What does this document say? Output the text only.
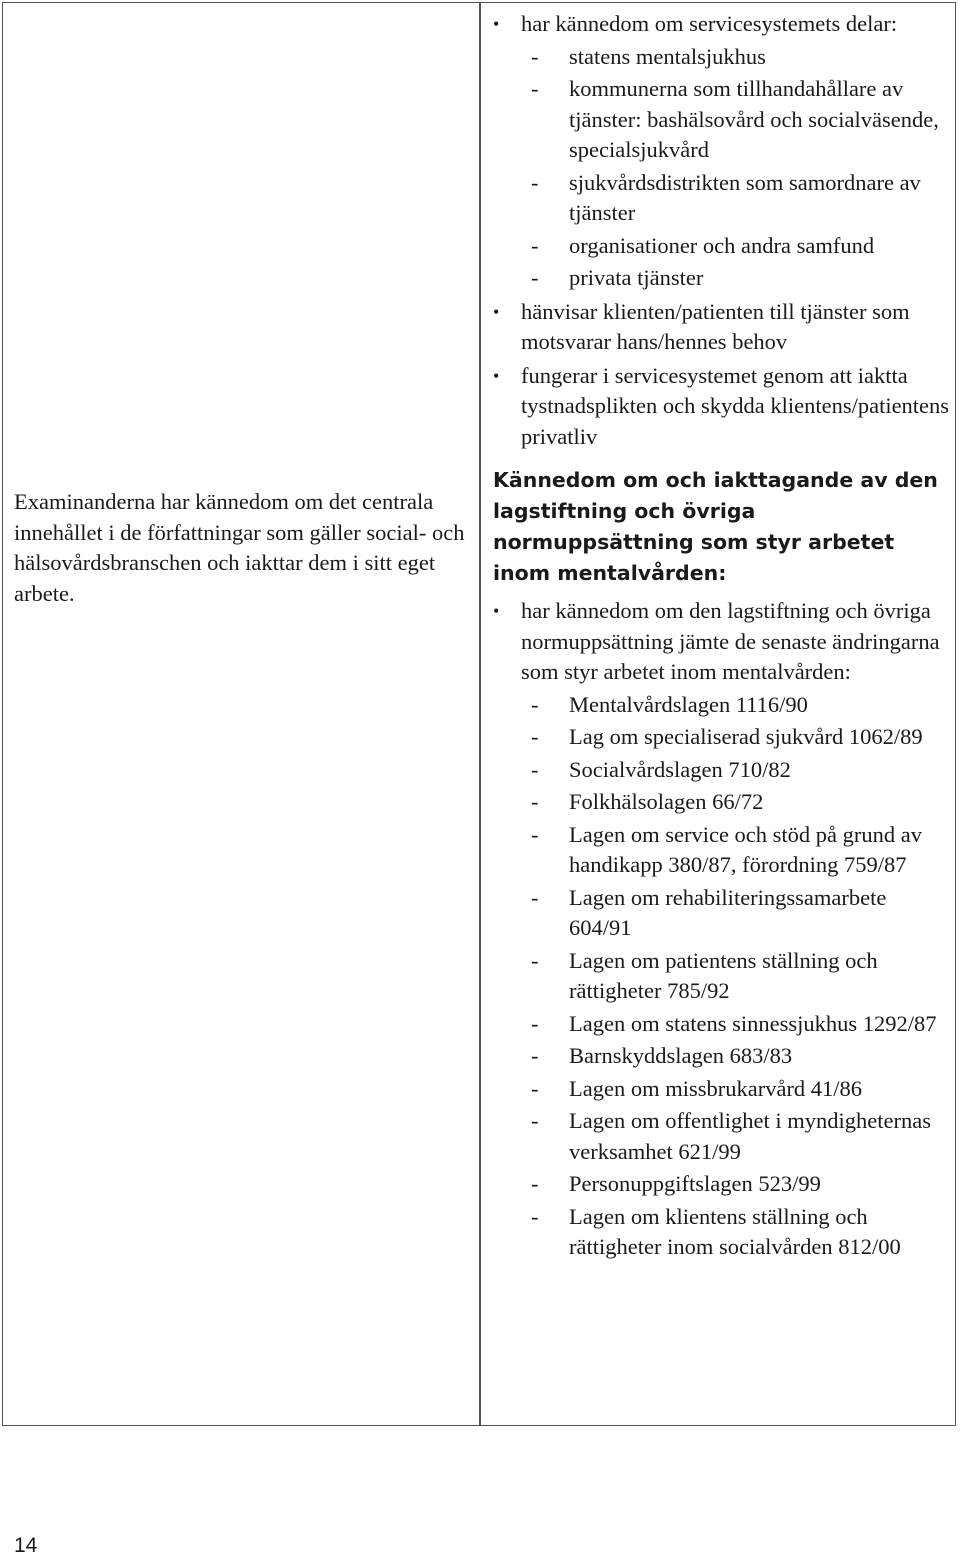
Examinanderna har kännedom om det centrala innehållet i de författningar som gäller social- och hälsovårdsbranschen och iakttar dem i sitt eget arbete.
• har kännedom om servicesystemets delar:
- statens mentalsjukhus
- kommunerna som tillhandahållare av tjänster: bashälsovård och socialväsende, specialsjukvård
- sjukvårdsdistrikten som samordnare av tjänster
- organisationer och andra samfund
- privata tjänster
• hänvisar klienten/patienten till tjänster som motsvarar hans/hennes behov
• fungerar i servicesystemet genom att iaktta tystnadsplikten och skydda klientens/patientens privatliv
Kännedom om och iakttagande av den lagstiftning och övriga normuppsättning som styr arbetet inom mentalvården:
• har kännedom om den lagstiftning och övriga normuppsättning jämte de senaste ändringarna som styr arbetet inom mentalvården:
- Mentalvårdslagen 1116/90
- Lag om specialiserad sjukvård 1062/89
- Socialvårdslagen 710/82
- Folkhälsolagen 66/72
- Lagen om service och stöd på grund av handikapp 380/87, förordning 759/87
- Lagen om rehabiliteringssamarbete 604/91
- Lagen om patientens ställning och rättigheter 785/92
- Lagen om statens sinnessjukhus 1292/87
- Barnskyddslagen 683/83
- Lagen om missbrukarvård 41/86
- Lagen om offentlighet i myndigheternas verksamhet 621/99
- Personuppgiftslagen 523/99
- Lagen om klientens ställning och rättigheter inom socialvården 812/00
14
